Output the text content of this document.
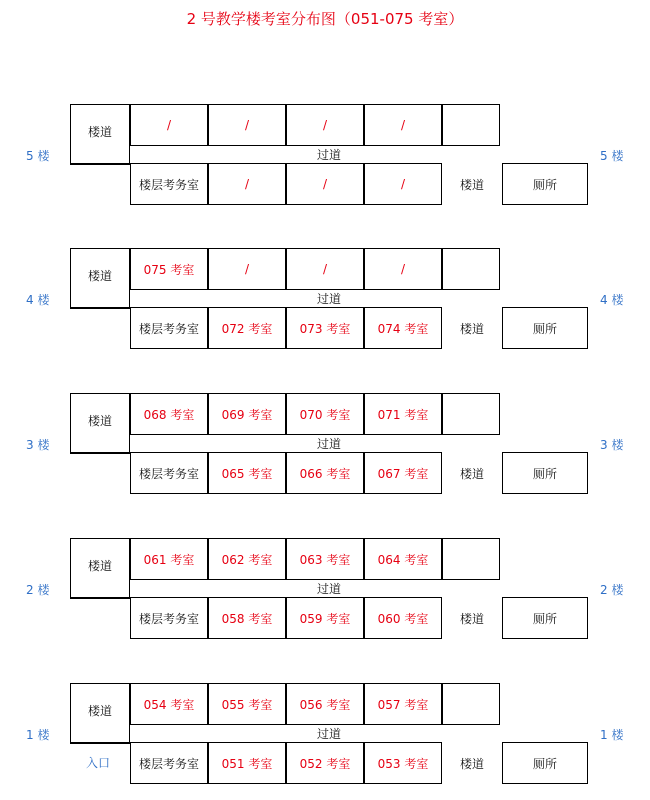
2 号教学楼考室分布图（051-075 考室）
楼道	/	/	/	/
过道
楼层考务室	/	/	/	楼道	厕所
5 楼	5 楼
楼道	075 考室	/	/	/
过道
楼层考务室	072 考室	073 考室	074 考室	楼道	厕所
4 楼	4 楼
楼道	068 考室	069 考室	070 考室	071 考室
过道
楼层考务室	065 考室	066 考室	067 考室	楼道	厕所
3 楼	3 楼
楼道	061 考室	062 考室	063 考室	064 考室
过道
楼层考务室	058 考室	059 考室	060 考室	楼道	厕所
2 楼	2 楼
楼道	054 考室	055 考室	056 考室	057 考室
过道
楼层考务室	051 考室	052 考室	053 考室	楼道	厕所
1 楼	1 楼
入口
